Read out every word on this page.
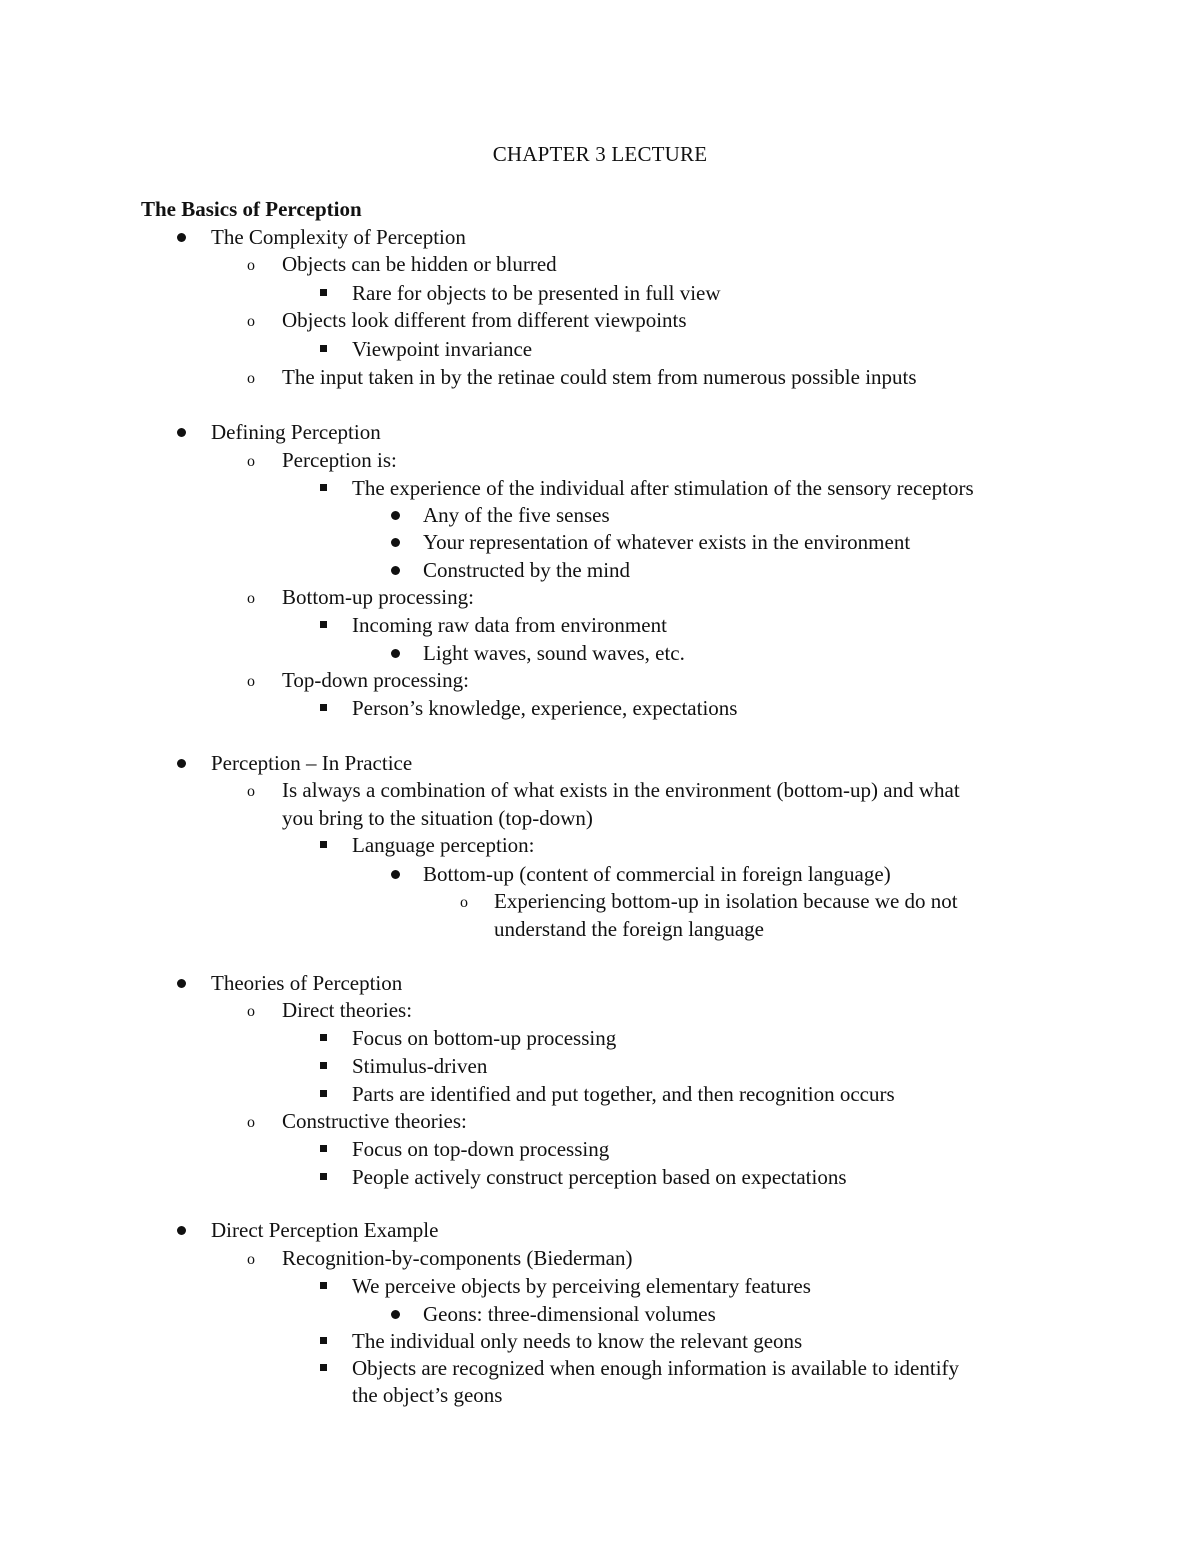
CHAPTER 3 LECTURE
The Basics of Perception
The Complexity of Perception
o Objects can be hidden or blurred
Rare for objects to be presented in full view
o Objects look different from different viewpoints
Viewpoint invariance
o The input taken in by the retinae could stem from numerous possible inputs
Defining Perception
o Perception is:
The experience of the individual after stimulation of the sensory receptors
Any of the five senses
Your representation of whatever exists in the environment
Constructed by the mind
o Bottom-up processing:
Incoming raw data from environment
Light waves, sound waves, etc.
o Top-down processing:
Person’s knowledge, experience, expectations
Perception – In Practice
o Is always a combination of what exists in the environment (bottom-up) and what
you bring to the situation (top-down)
Language perception:
Bottom-up (content of commercial in foreign language)
o Experiencing bottom-up in isolation because we do not
understand the foreign language
Theories of Perception
o Direct theories:
Focus on bottom-up processing
Stimulus-driven
Parts are identified and put together, and then recognition occurs
o Constructive theories:
Focus on top-down processing
People actively construct perception based on expectations
Direct Perception Example
o Recognition-by-components (Biederman)
We perceive objects by perceiving elementary features
Geons: three-dimensional volumes
The individual only needs to know the relevant geons
Objects are recognized when enough information is available to identify
the object’s geons
